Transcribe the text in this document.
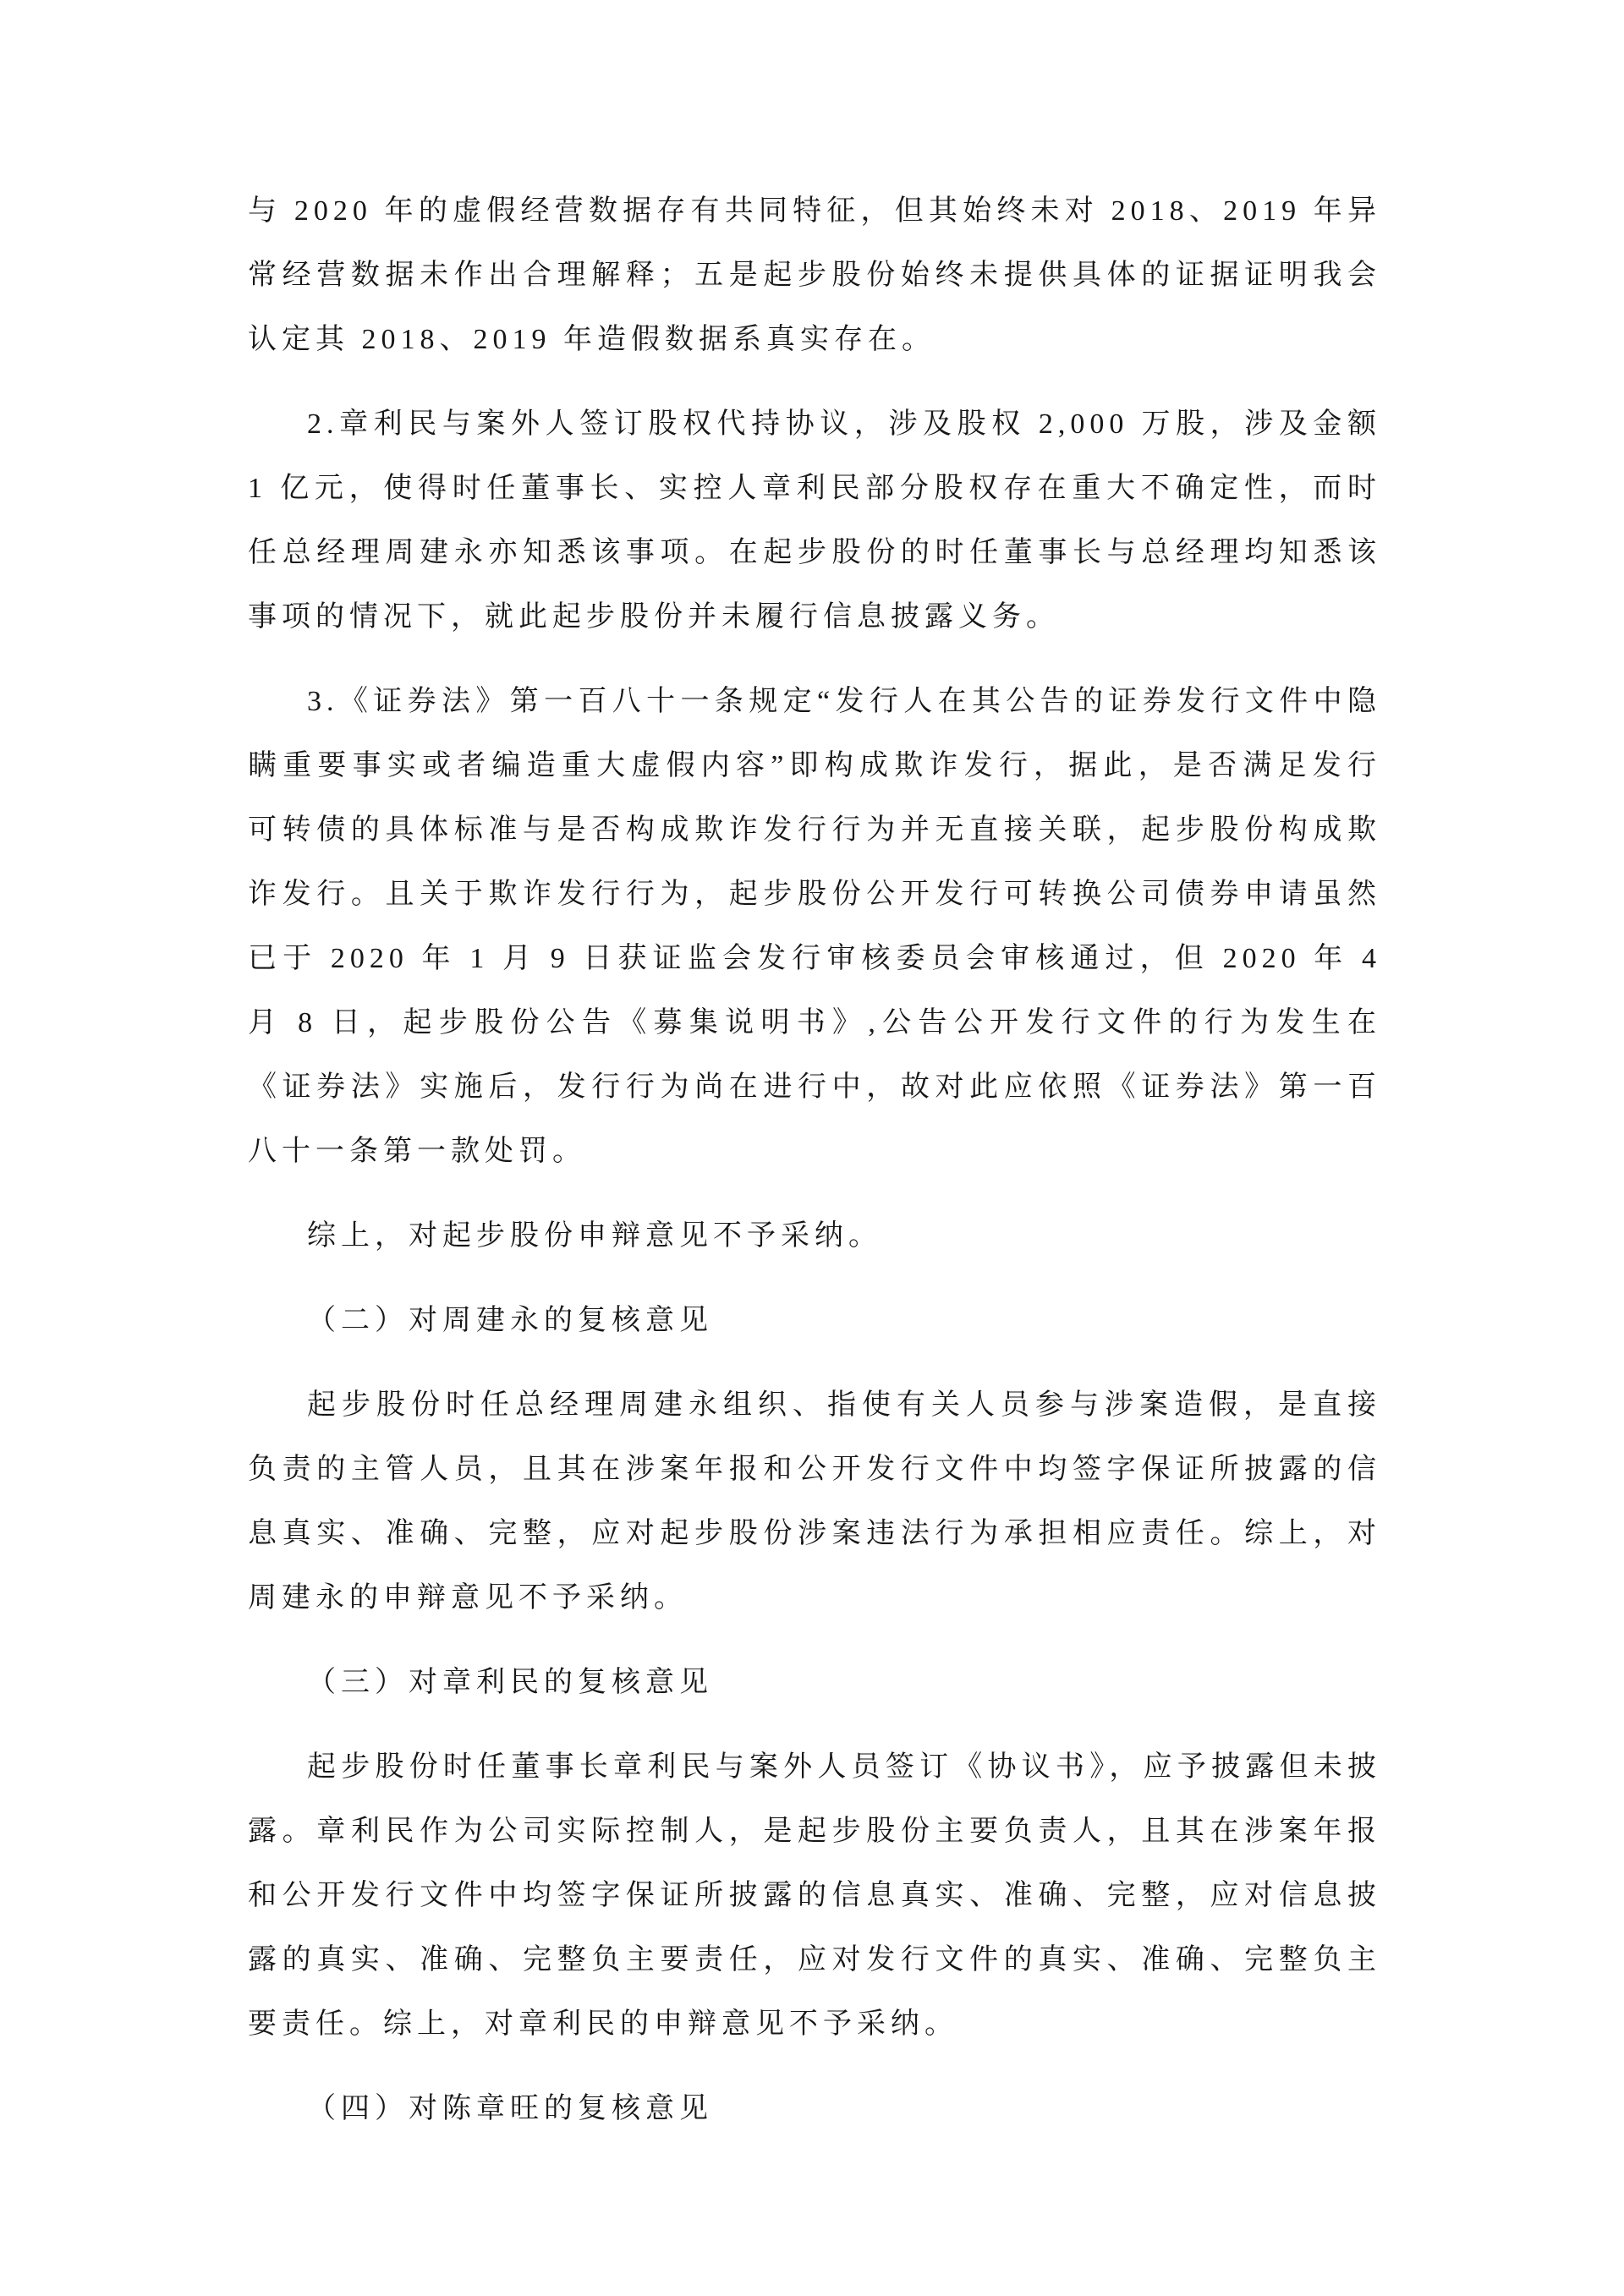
与 2020 年的虚假经营数据存有共同特征，但其始终未对 2018、2019 年异常经营数据未作出合理解释；五是起步股份始终未提供具体的证据证明我会认定其 2018、2019 年造假数据系真实存在。

2.章利民与案外人签订股权代持协议，涉及股权 2,000 万股，涉及金额 1 亿元，使得时任董事长、实控人章利民部分股权存在重大不确定性，而时任总经理周建永亦知悉该事项。在起步股份的时任董事长与总经理均知悉该事项的情况下，就此起步股份并未履行信息披露义务。

3.《证券法》第一百八十一条规定“发行人在其公告的证券发行文件中隐瞒重要事实或者编造重大虚假内容”即构成欺诈发行，据此，是否满足发行可转债的具体标准与是否构成欺诈发行行为并无直接关联，起步股份构成欺诈发行。且关于欺诈发行行为，起步股份公开发行可转换公司债券申请虽然已于 2020 年 1 月 9 日获证监会发行审核委员会审核通过，但 2020 年 4 月 8 日，起步股份公告《募集说明书》,公告公开发行文件的行为发生在《证券法》实施后，发行行为尚在进行中，故对此应依照《证券法》第一百八十一条第一款处罚。

综上，对起步股份申辩意见不予采纳。

（二）对周建永的复核意见

起步股份时任总经理周建永组织、指使有关人员参与涉案造假，是直接负责的主管人员，且其在涉案年报和公开发行文件中均签字保证所披露的信息真实、准确、完整，应对起步股份涉案违法行为承担相应责任。综上，对周建永的申辩意见不予采纳。

（三）对章利民的复核意见

起步股份时任董事长章利民与案外人员签订《协议书》，应予披露但未披露。章利民作为公司实际控制人，是起步股份主要负责人，且其在涉案年报和公开发行文件中均签字保证所披露的信息真实、准确、完整，应对信息披露的真实、准确、完整负主要责任，应对发行文件的真实、准确、完整负主要责任。综上，对章利民的申辩意见不予采纳。

（四）对陈章旺的复核意见
